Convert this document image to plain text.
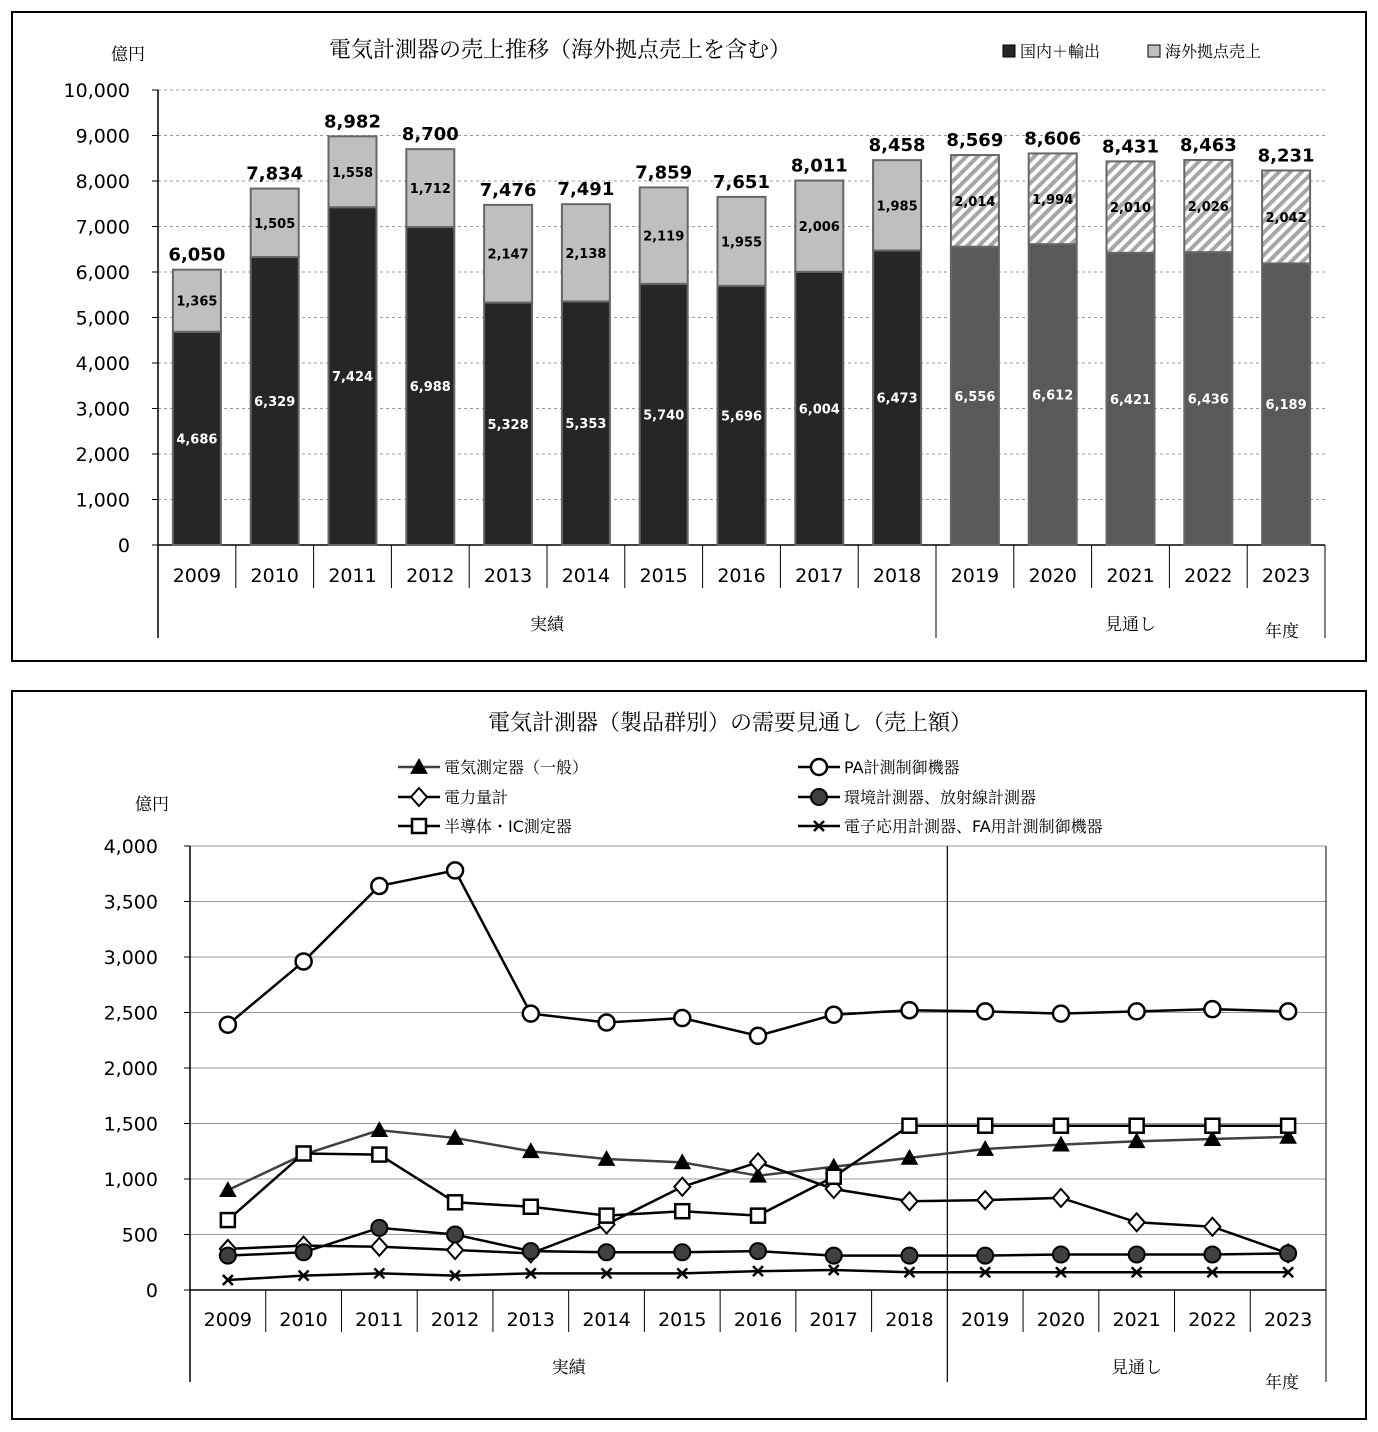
電気計測器の売上推移（海外拠点売上を含む）
億円	国内＋輸出	海外拠点売上
0
1,000
2,000
3,000
4,000
5,000
6,000
7,000
8,000
9,000
10,000
4,686
1,365
6,050
2009
6,329
1,505
7,834
2010
7,424
1,558
8,982
2011
6,988
1,712
8,700
2012
5,328
2,147
7,476
2013
5,353
2,138
7,491
2014
5,740
2,119
7,859
2015
5,696
1,955
7,651
2016
6,004
2,006
8,011
2017
6,473
1,985
8,458
2018
6,556
2,014
8,569
2019
6,612
1,994
8,606
2020
6,421
2,010
8,431
2021
6,436
2,026
8,463
2022
6,189
2,042
8,231
2023
実績	見通し	年度
電気計測器（製品群別）の需要見通し（売上額）
億円
電気測定器（一般）	PA計測制御機器
電力量計	環境計測器、放射線計測器
半導体・IC測定器	電子応用計測器、FA用計測制御機器
0
500
1,000
1,500
2,000
2,500
3,000
3,500
4,000
2009 2010 2011 2012 2013 2014 2015 2016 2017 2018 2019 2020 2021 2022 2023
実績	見通し
年度
